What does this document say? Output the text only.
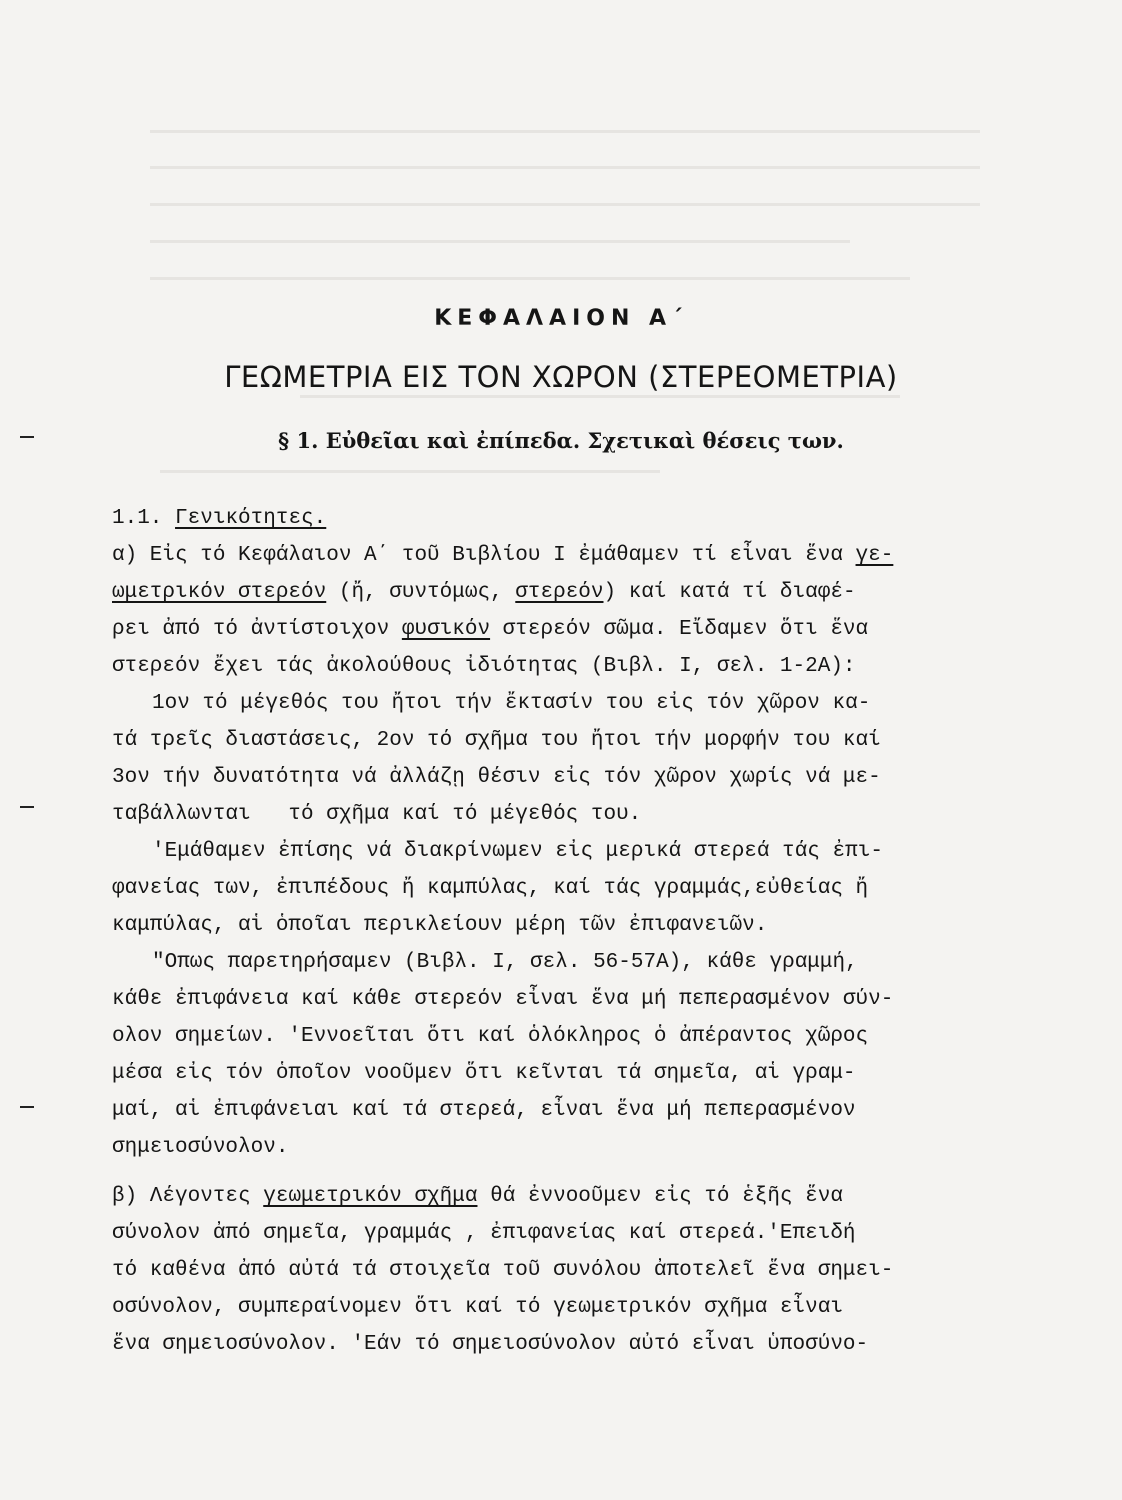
ΚΕΦΑΛΑΙΟΝ Α΄
ΓΕΩΜΕΤΡΙΑ ΕΙΣ ΤΟΝ ΧΩΡΟΝ (ΣΤΕΡΕΟΜΕΤΡΙΑ)
§ 1. Εὐθεῖαι καὶ ἐπίπεδα. Σχετικαὶ θέσεις των.
1.1. Γενικότητες.
α) Εἰς τό Κεφάλαιον Α΄ τοῦ Βιβλίου Ι ἐμάθαμεν τί εἶναι ἕνα γε-
ωμετρικόν στερεόν (ἤ, συντόμως, στερεόν) καί κατά τί διαφέ-
ρει ἀπό τό ἀντίστοιχον φυσικόν στερεόν σῶμα. Εἴδαμεν ὅτι ἕνα
στερεόν ἔχει τάς ἀκολούθους ἰδιότητας (Βιβλ. Ι, σελ. 1-2Α):
1ον τό μέγεθός του ἤτοι τήν ἔκτασίν του εἰς τόν χῶρον κα-
τά τρεῖς διαστάσεις, 2ον τό σχῆμα του ἤτοι τήν μορφήν του καί
3ον τήν δυνατότητα νά ἀλλάζῃ θέσιν εἰς τόν χῶρον χωρίς νά με-
ταβάλλωνται   τό σχῆμα καί τό μέγεθός του.
'Εμάθαμεν ἐπίσης νά διακρίνωμεν εἰς μερικά στερεά τάς ἐπι-
φανείας των, ἐπιπέδους ἤ καμπύλας, καί τάς γραμμάς,εὐθείας ἤ
καμπύλας, αἱ ὁποῖαι περικλείουν μέρη τῶν ἐπιφανειῶν.
"Οπως παρετηρήσαμεν (Βιβλ. Ι, σελ. 56-57Α), κάθε γραμμή,
κάθε ἐπιφάνεια καί κάθε στερεόν εἶναι ἕνα μή πεπερασμένον σύν-
ολον σημείων. 'Εννοεῖται ὅτι καί ὁλόκληρος ὁ ἀπέραντος χῶρος
μέσα εἰς τόν ὁποῖον νοοῦμεν ὅτι κεῖνται τά σημεῖα, αἱ γραμ-
μαί, αἱ ἐπιφάνειαι καί τά στερεά, εἶναι ἕνα μή πεπερασμένον
σημειοσύνολον.
β) Λέγοντες γεωμετρικόν σχῆμα θά ἐννοοῦμεν εἰς τό ἑξῆς ἕνα
σύνολον ἀπό σημεῖα, γραμμάς , ἐπιφανείας καί στερεά.'Επειδή
τό καθένα ἀπό αὐτά τά στοιχεῖα τοῦ συνόλου ἀποτελεῖ ἕνα σημει-
οσύνολον, συμπεραίνομεν ὅτι καί τό γεωμετρικόν σχῆμα εἶναι
ἕνα σημειοσύνολον. 'Εάν τό σημειοσύνολον αὐτό εἶναι ὑποσύνο-
